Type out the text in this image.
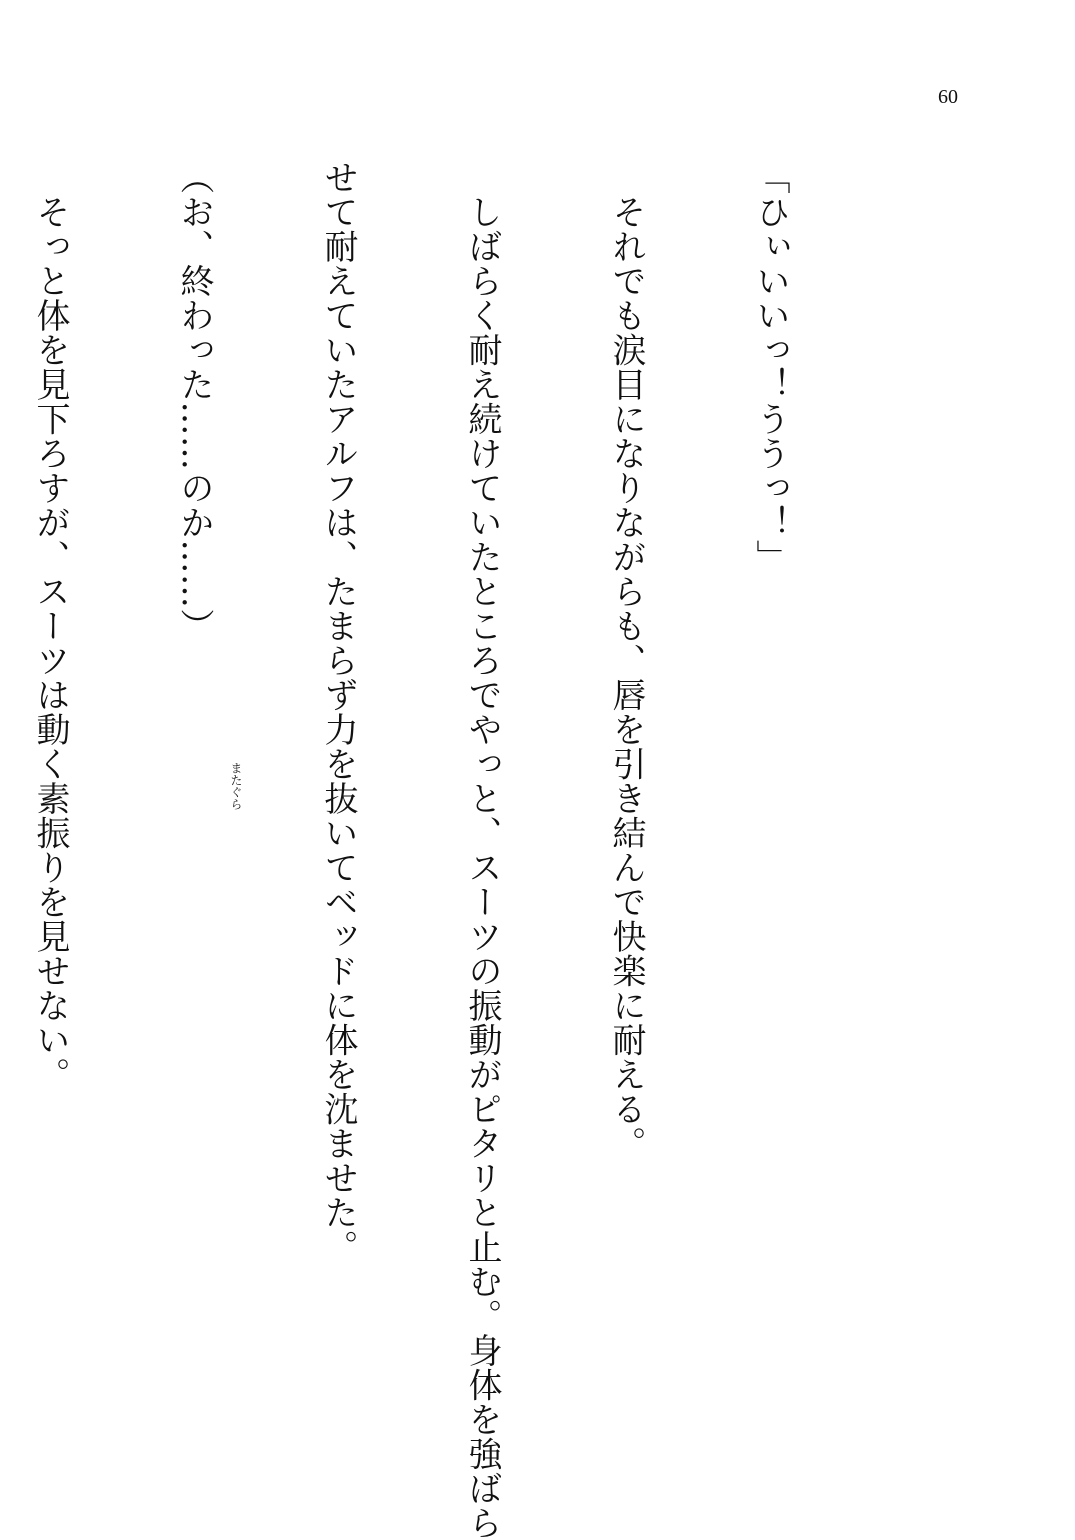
60

「ひぃいいっ！ううっ！」

　それでも涙目になりながらも、唇を引き結んで快楽に耐える。

　しばらく耐え続けていたところでやっと、スーツの振動がピタリと止む。身体を強ばら

せて耐えていたアルフは、たまらず力を抜いてベッドに体を沈ませた。

（お、終わった……のか……）

　そっと体を見下ろすが、スーツは動く素振りを見せない。

	またぐら
